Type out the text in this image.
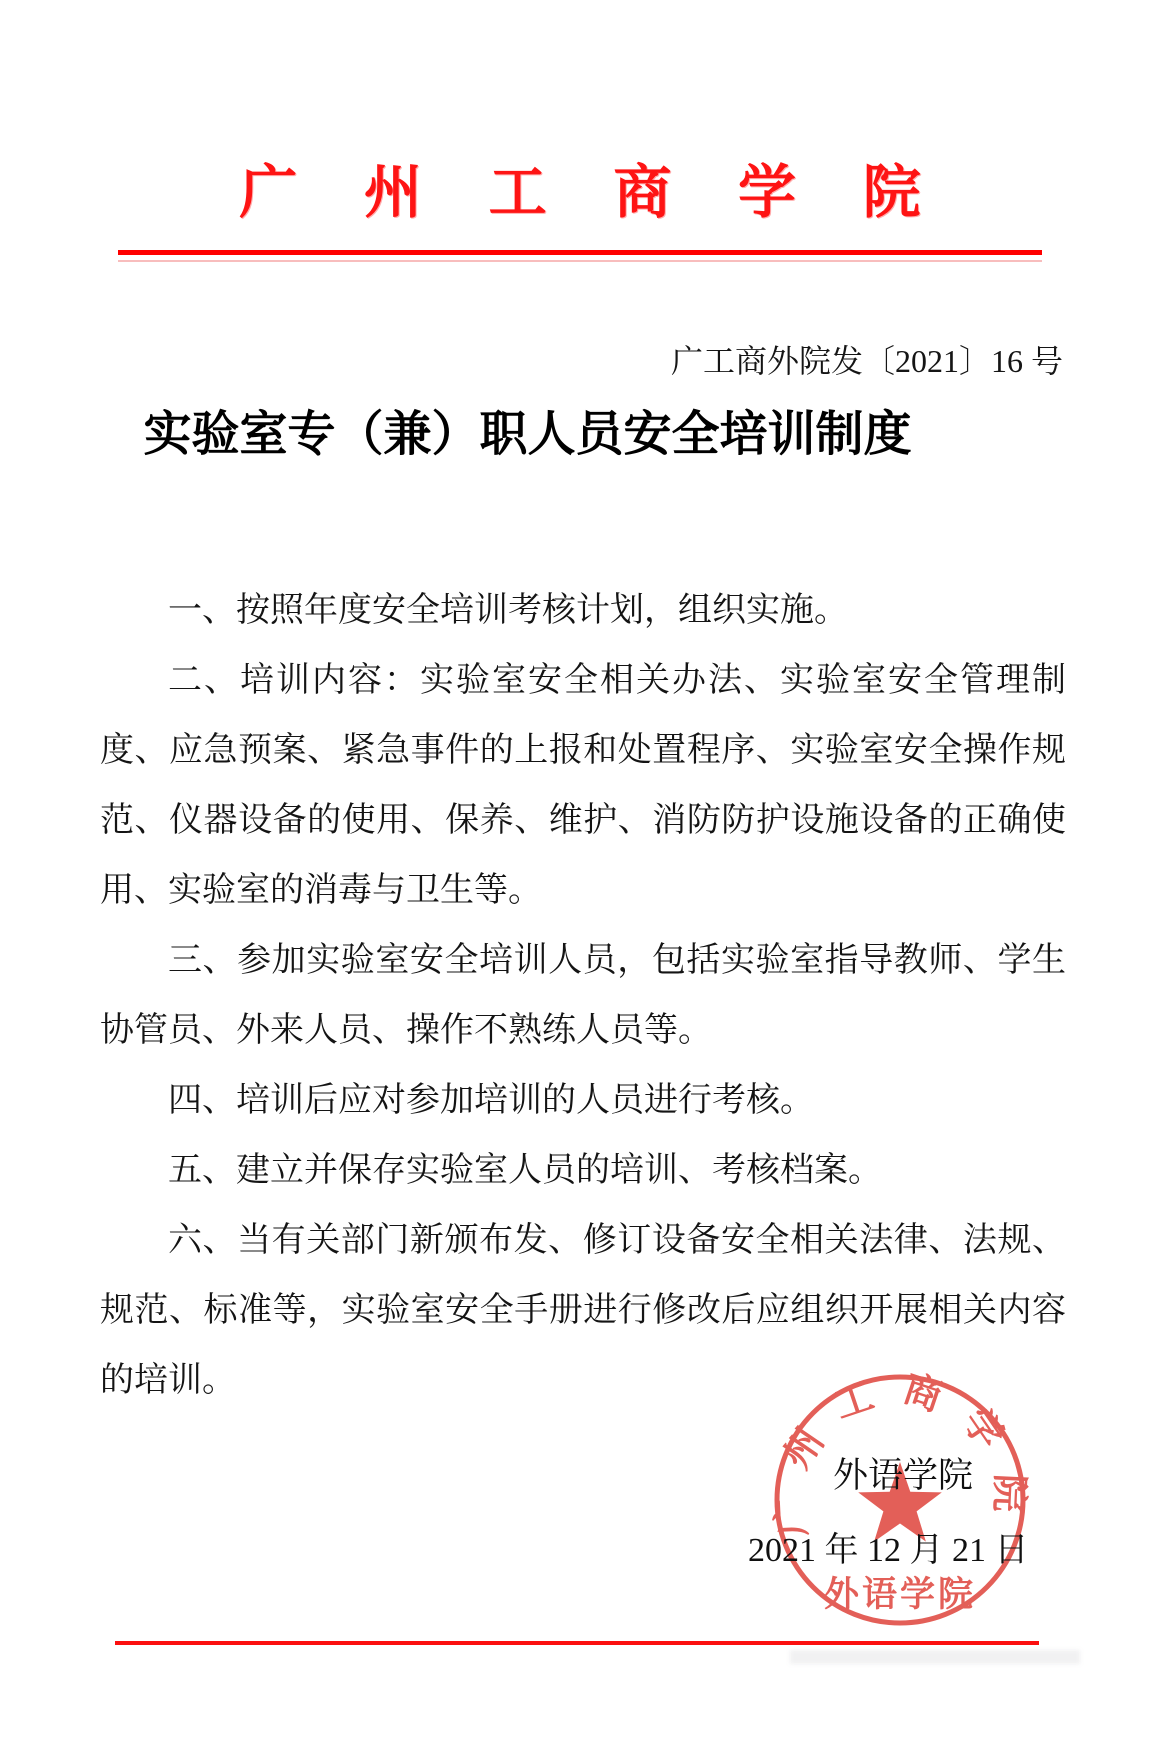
广州工商学院
广工商外院发〔2021〕16 号
实验室专（兼）职人员安全培训制度

一、按照年度安全培训考核计划，组织实施。

二、培训内容：实验室安全相关办法、实验室安全管理制度、应急预案、紧急事件的上报和处置程序、实验室安全操作规范、仪器设备的使用、保养、维护、消防防护设施设备的正确使用、实验室的消毒与卫生等。

三、参加实验室安全培训人员，包括实验室指导教师、学生协管员、外来人员、操作不熟练人员等。

四、培训后应对参加培训的人员进行考核。

五、建立并保存实验室人员的培训、考核档案。

六、当有关部门新颁布发、修订设备安全相关法律、法规、规范、标准等，实验室安全手册进行修改后应组织开展相关内容的培训。

广州工商学院
外语学院
外语学院
2021 年 12 月 21 日
